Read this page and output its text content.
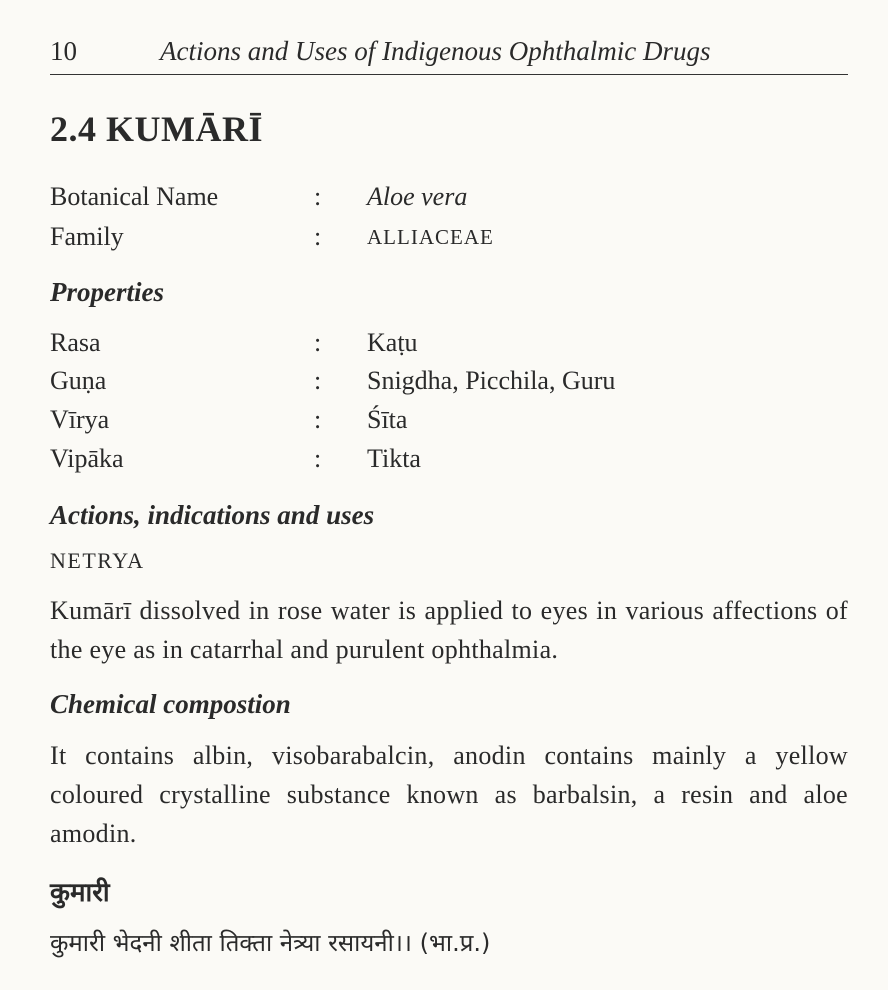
10	Actions and Uses of Indigenous Ophthalmic Drugs
2.4 KUMĀRĪ
Botanical Name	: Aloe vera
Family	: ALLIACEAE
Properties
Rasa	: Kaṭu
Guṇa	: Snigdha, Picchila, Guru
Vīrya	: Śīta
Vipāka	: Tikta
Actions, indications and uses
NETRYA

Kumārī dissolved in rose water is applied to eyes in various affections of the eye as in catarrhal and purulent ophthalmia.

Chemical compostion

It contains albin, visobarabalcin, anodin contains mainly a yellow coloured crystalline substance known as barbalsin, a resin and aloe amodin.

कुमारी
कुमारी भेदनी शीता तिक्ता नेत्र्या रसायनी।। (भा.प्र.)
